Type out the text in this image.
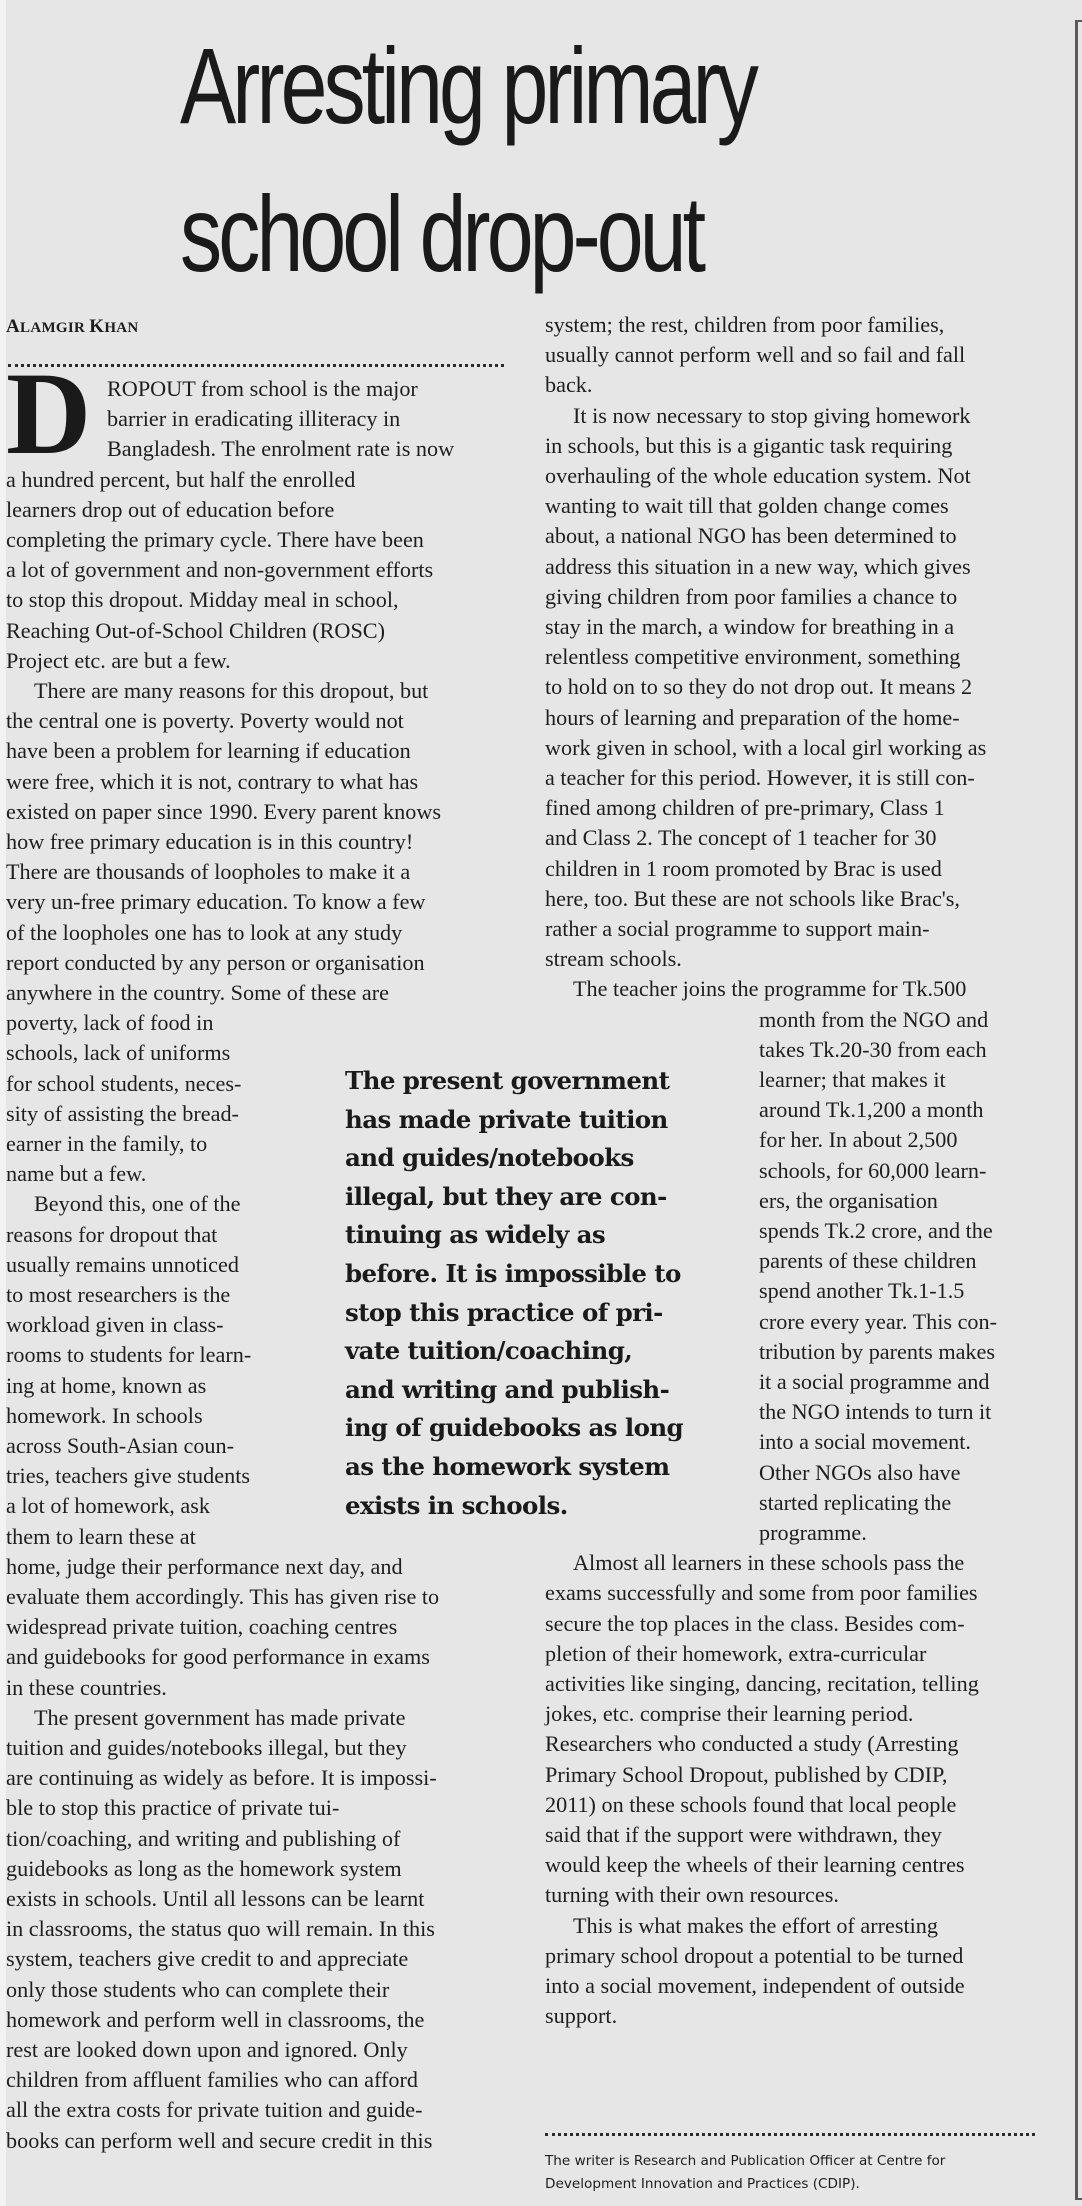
Arresting primary
school drop-out
ALAMGIR KHAN
D ROPOUT from school is the major
barrier in eradicating illiteracy in
Bangladesh. The enrolment rate is now
a hundred percent, but half the enrolled
learners drop out of education before
completing the primary cycle. There have been
a lot of government and non-government efforts
to stop this dropout. Midday meal in school,
Reaching Out-of-School Children (ROSC)
Project etc. are but a few.
There are many reasons for this dropout, but
the central one is poverty. Poverty would not
have been a problem for learning if education
were free, which it is not, contrary to what has
existed on paper since 1990. Every parent knows
how free primary education is in this country!
There are thousands of loopholes to make it a
very un-free primary education. To know a few
of the loopholes one has to look at any study
report conducted by any person or organisation
anywhere in the country. Some of these are
poverty, lack of food in
schools, lack of uniforms
for school students, neces-
sity of assisting the bread-
earner in the family, to
name but a few.
Beyond this, one of the
reasons for dropout that
usually remains unnoticed
to most researchers is the
workload given in class-
rooms to students for learn-
ing at home, known as
homework. In schools
across South-Asian coun-
tries, teachers give students
a lot of homework, ask
them to learn these at
home, judge their performance next day, and
evaluate them accordingly. This has given rise to
widespread private tuition, coaching centres
and guidebooks for good performance in exams
in these countries.
The present government has made private
tuition and guides/notebooks illegal, but they
are continuing as widely as before. It is impossi-
ble to stop this practice of private tui-
tion/coaching, and writing and publishing of
guidebooks as long as the homework system
exists in schools. Until all lessons can be learnt
in classrooms, the status quo will remain. In this
system, teachers give credit to and appreciate
only those students who can complete their
homework and perform well in classrooms, the
rest are looked down upon and ignored. Only
children from affluent families who can afford
all the extra costs for private tuition and guide-
books can perform well and secure credit in this
system; the rest, children from poor families,
usually cannot perform well and so fail and fall
back.
It is now necessary to stop giving homework
in schools, but this is a gigantic task requiring
overhauling of the whole education system. Not
wanting to wait till that golden change comes
about, a national NGO has been determined to
address this situation in a new way, which gives
giving children from poor families a chance to
stay in the march, a window for breathing in a
relentless competitive environment, something
to hold on to so they do not drop out. It means 2
hours of learning and preparation of the home-
work given in school, with a local girl working as
a teacher for this period. However, it is still con-
fined among children of pre-primary, Class 1
and Class 2. The concept of 1 teacher for 30
children in 1 room promoted by Brac is used
here, too. But these are not schools like Brac's,
rather a social programme to support main-
stream schools.
The teacher joins the programme for Tk.500
month from the NGO and
takes Tk.20-30 from each
learner; that makes it
around Tk.1,200 a month
for her. In about 2,500
schools, for 60,000 learn-
ers, the organisation
spends Tk.2 crore, and the
parents of these children
spend another Tk.1-1.5
crore every year. This con-
tribution by parents makes
it a social programme and
the NGO intends to turn it
into a social movement.
Other NGOs also have
started replicating the
programme.
Almost all learners in these schools pass the
exams successfully and some from poor families
secure the top places in the class. Besides com-
pletion of their homework, extra-curricular
activities like singing, dancing, recitation, telling
jokes, etc. comprise their learning period.
Researchers who conducted a study (Arresting
Primary School Dropout, published by CDIP,
2011) on these schools found that local people
said that if the support were withdrawn, they
would keep the wheels of their learning centres
turning with their own resources.
This is what makes the effort of arresting
primary school dropout a potential to be turned
into a social movement, independent of outside
support.
The present government
has made private tuition
and guides/notebooks
illegal, but they are con-
tinuing as widely as
before. It is impossible to
stop this practice of pri-
vate tuition/coaching,
and writing and publish-
ing of guidebooks as long
as the homework system
exists in schools.
The writer is Research and Publication Officer at Centre for
Development Innovation and Practices (CDIP).
